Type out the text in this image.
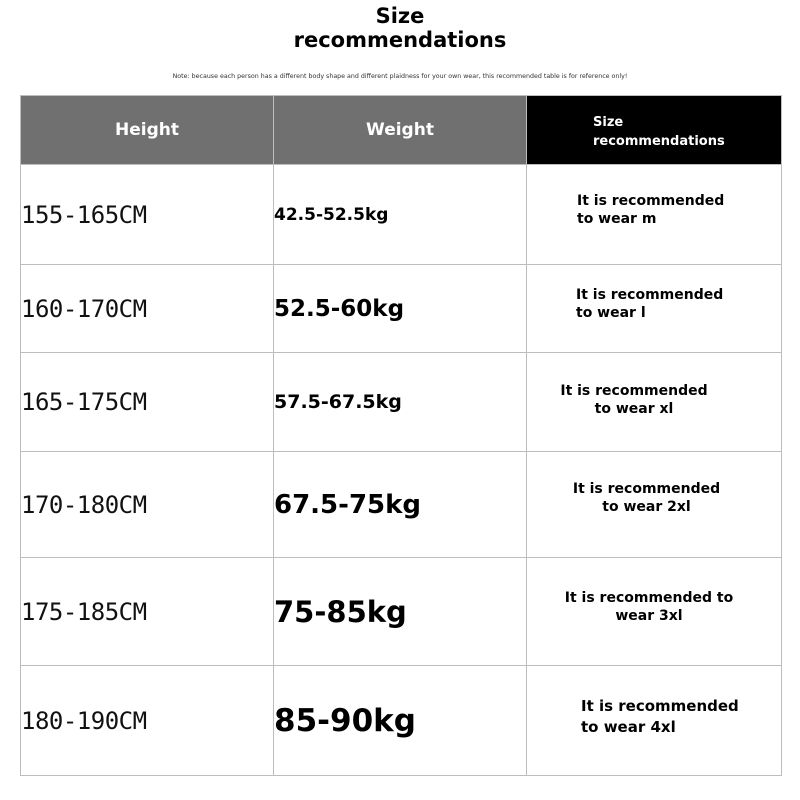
Size
recommendations
Note: because each person has a different body shape and different plaidness for your own wear, this recommended table is for reference only!
Height	Weight	Size
recommendations

155-165CM	42.5-52.5kg	It is recommended
to wear m

160-170CM	52.5-60kg	It is recommended
to wear l

165-175CM	57.5-67.5kg	It is recommended
to wear xl

170-180CM	67.5-75kg	It is recommended
to wear 2xl

175-185CM	75-85kg	It is recommended to
wear 3xl

180-190CM	85-90kg	It is recommended
to wear 4xl
